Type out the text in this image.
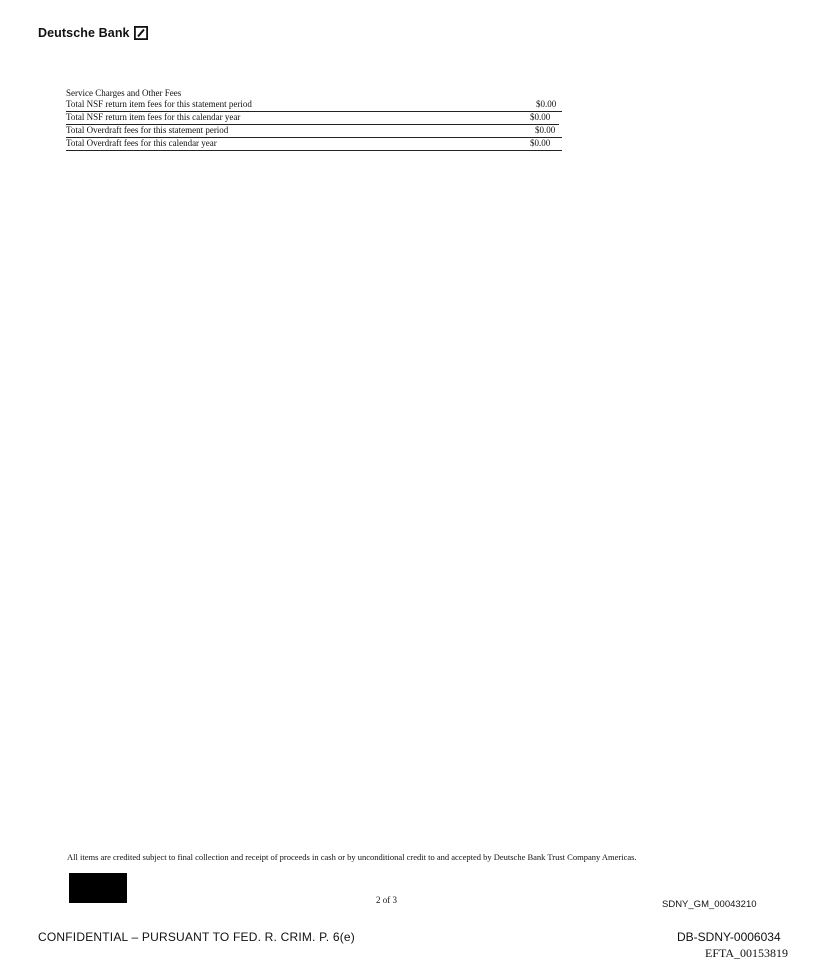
Deutsche Bank
Service Charges and Other Fees
Total NSF return item fees for this statement period	$0.00
Total NSF return item fees for this calendar year	$0.00
Total Overdraft fees for this statement period	$0.00
Total Overdraft fees for this calendar year	$0.00
All items are credited subject to final collection and receipt of proceeds in cash or by unconditional credit to and accepted by Deutsche Bank Trust Company Americas.
2 of 3	SDNY_GM_00043210
CONFIDENTIAL – PURSUANT TO FED. R. CRIM. P. 6(e)	DB-SDNY-0006034
EFTA_00153819
